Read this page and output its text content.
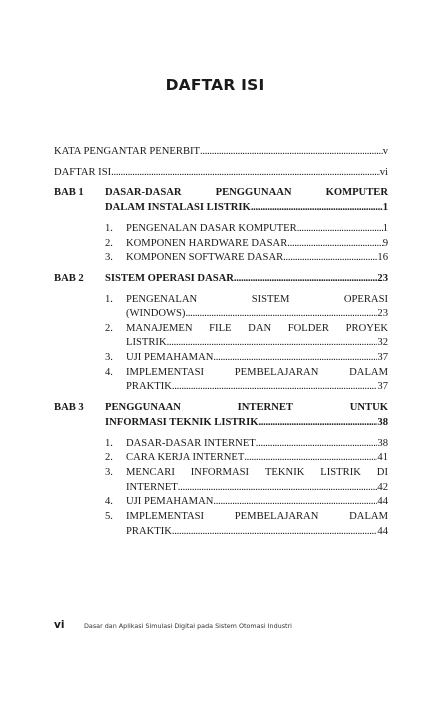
DAFTAR ISI
KATA PENGANTAR PENERBIT .....	v
DAFTAR ISI .....	vi
BAB 1 DASAR-DASAR	PENGGUNAAN	KOMPUTER
DALAM INSTALASI LISTRIK .....	1
1. PENGENALAN DASAR KOMPUTER .....	1
2. KOMPONEN HARDWARE DASAR .....	9
3. KOMPONEN SOFTWARE DASAR .....	16
BAB 2 SISTEM OPERASI DASAR .....	23
1. PENGENALAN	SISTEM	OPERASI
(WINDOWS) .....	23
2. MANAJEMEN FILE DAN FOLDER PROYEK
LISTRIK .....	32
3. UJI PEMAHAMAN .....	37
4. IMPLEMENTASI	PEMBELAJARAN	DALAM
PRAKTIK .....	37
BAB 3 PENGGUNAAN	INTERNET	UNTUK
INFORMASI TEKNIK LISTRIK .....	38
1. DASAR-DASAR INTERNET .....	38
2. CARA KERJA INTERNET .....	41
3. MENCARI INFORMASI TEKNIK LISTRIK DI
INTERNET .....	42
4. UJI PEMAHAMAN .....	44
5. IMPLEMENTASI	PEMBELAJARAN	DALAM
PRAKTIK .....	44
vi	Dasar dan Aplikasi Simulasi Digital pada Sistem Otomasi Industri
